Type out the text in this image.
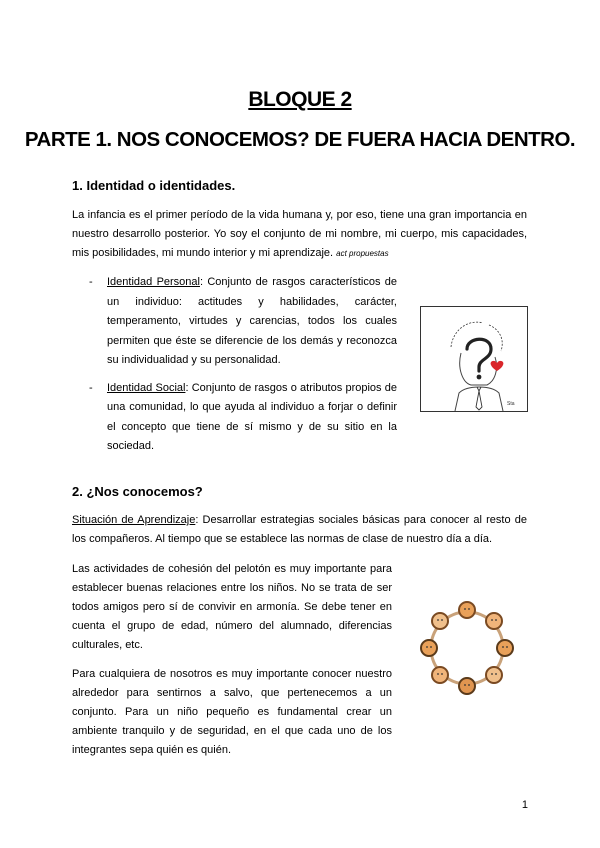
BLOQUE 2
PARTE 1. NOS CONOCEMOS? DE FUERA HACIA DENTRO.
1. Identidad o identidades.
La infancia es el primer período de la vida humana y, por eso, tiene una gran importancia en nuestro desarrollo posterior. Yo soy el conjunto de mi nombre, mi cuerpo, mis capacidades, mis posibilidades, mi mundo interior y mi aprendizaje. act propuestas
- Identidad Personal: Conjunto de rasgos característicos de un individuo: actitudes y habilidades, carácter, temperamento, virtudes y carencias, todos los cuales permiten que éste se diferencie de los demás y reconozca su individualidad y su personalidad.
- Identidad Social: Conjunto de rasgos o atributos propios de una comunidad, lo que ayuda al individuo a forjar o definir el concepto que tiene de sí mismo y de su sitio en la sociedad.
Sta
2. ¿Nos conocemos?
Situación de Aprendizaje: Desarrollar estrategias sociales básicas para conocer al resto de los compañeros. Al tiempo que se establece las normas de clase de nuestro día a día.
Las actividades de cohesión del pelotón es muy importante para establecer buenas relaciones entre los niños. No se trata de ser todos amigos pero sí de convivir en armonía. Se debe tener en cuenta el grupo de edad, número del alumnado, diferencias culturales, etc.
Para cualquiera de nosotros es muy importante conocer nuestro alrededor para sentirnos a salvo, que pertenecemos a un conjunto. Para un niño pequeño es fundamental crear un ambiente tranquilo y de seguridad, en el que cada uno de los integrantes sepa quién es quién.
1
